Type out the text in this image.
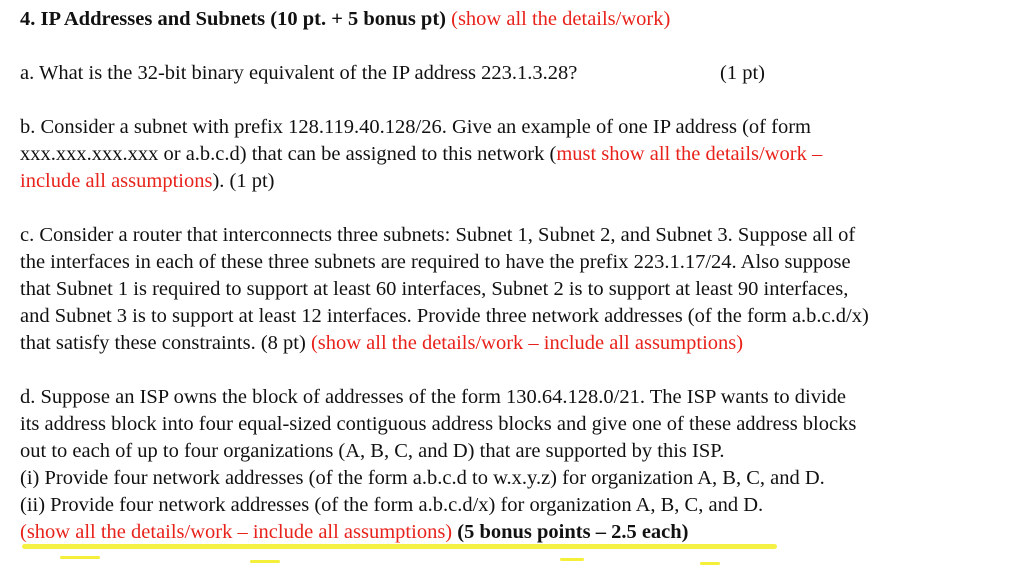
4. IP Addresses and Subnets (10 pt. + 5 bonus pt) (show all the details/work)
a. What is the 32-bit binary equivalent of the IP address 223.1.3.28?	(1 pt)
b. Consider a subnet with prefix 128.119.40.128/26. Give an example of one IP address (of form
xxx.xxx.xxx.xxx or a.b.c.d) that can be assigned to this network (must show all the details/work –
include all assumptions). (1 pt)
c. Consider a router that interconnects three subnets: Subnet 1, Subnet 2, and Subnet 3. Suppose all of
the interfaces in each of these three subnets are required to have the prefix 223.1.17/24. Also suppose
that Subnet 1 is required to support at least 60 interfaces, Subnet 2 is to support at least 90 interfaces,
and Subnet 3 is to support at least 12 interfaces. Provide three network addresses (of the form a.b.c.d/x)
that satisfy these constraints. (8 pt) (show all the details/work – include all assumptions)
d. Suppose an ISP owns the block of addresses of the form 130.64.128.0/21. The ISP wants to divide
its address block into four equal-sized contiguous address blocks and give one of these address blocks
out to each of up to four organizations (A, B, C, and D) that are supported by this ISP.
(i) Provide four network addresses (of the form a.b.c.d to w.x.y.z) for organization A, B, C, and D.
(ii) Provide four network addresses (of the form a.b.c.d/x) for organization A, B, C, and D.
(show all the details/work – include all assumptions) (5 bonus points – 2.5 each)
